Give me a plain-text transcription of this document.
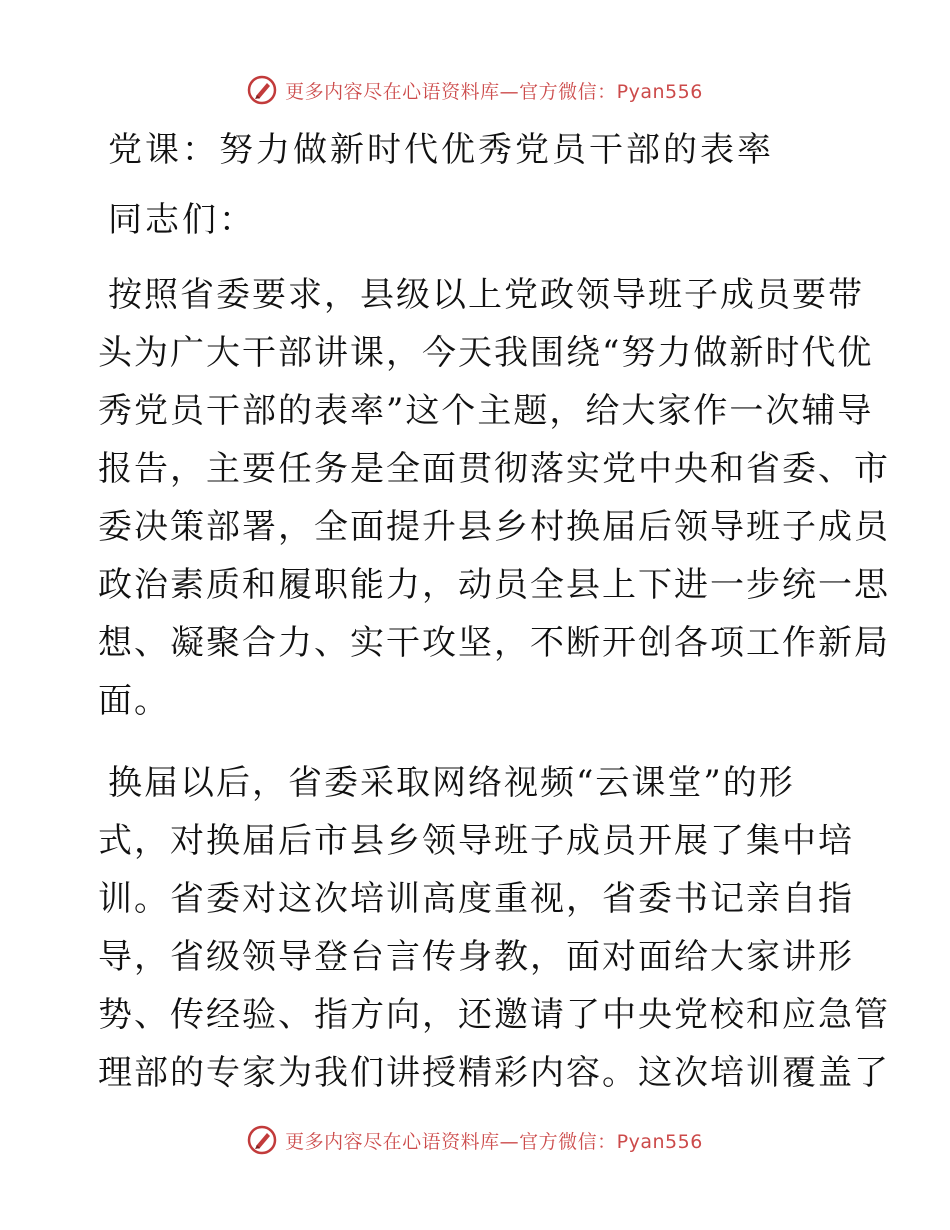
更多内容尽在心语资料库—官方微信：Pyan556
党课：努力做新时代优秀党员干部的表率
同志们：
按照省委要求，县级以上党政领导班子成员要带
头为广大干部讲课，今天我围绕“努力做新时代优
秀党员干部的表率”这个主题，给大家作一次辅导
报告，主要任务是全面贯彻落实党中央和省委、市
委决策部署，全面提升县乡村换届后领导班子成员
政治素质和履职能力，动员全县上下进一步统一思
想、凝聚合力、实干攻坚，不断开创各项工作新局
面。
换届以后，省委采取网络视频“云课堂”的形
式，对换届后市县乡领导班子成员开展了集中培
训。省委对这次培训高度重视，省委书记亲自指
导，省级领导登台言传身教，面对面给大家讲形
势、传经验、指方向，还邀请了中央党校和应急管
理部的专家为我们讲授精彩内容。这次培训覆盖了
更多内容尽在心语资料库—官方微信：Pyan556
